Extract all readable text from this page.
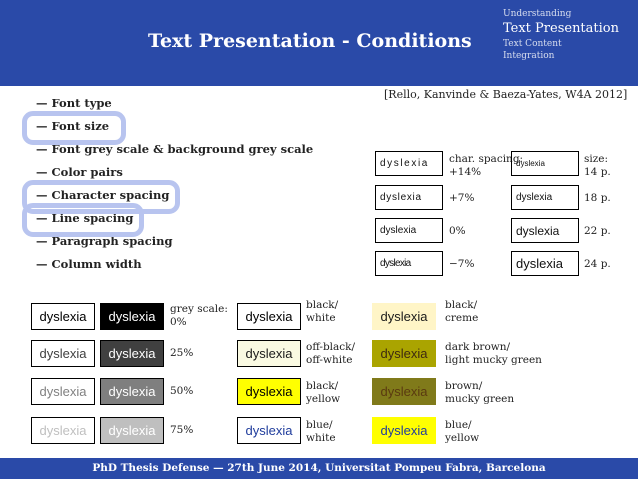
Text Presentation - Conditions
Understanding
Text Presentation
Text Content
Integration
[Rello, Kanvinde & Baeza-Yates, W4A 2012]
— Font type
— Font size
— Font grey scale & background grey scale
— Color pairs
— Character spacing
— Line spacing
— Paragraph spacing
— Column width
dyslexia
dyslexia
dyslexia
dyslexia
char. spacing:
+14%
+7%
0%
−7%
dyslexia
dyslexia
dyslexia
dyslexia
size:
14 p.
18 p.
22 p.
24 p.
dyslexia
dyslexia
dyslexia
dyslexia
dyslexia
dyslexia
dyslexia
dyslexia
grey scale:
0%
25%
50%
75%
dyslexia
dyslexia
dyslexia
dyslexia
black/
white
off-black/
off-white
black/
yellow
blue/
white
dyslexia
dyslexia
dyslexia
dyslexia
black/
creme
dark brown/
light mucky green
brown/
mucky green
blue/
yellow
PhD Thesis Defense — 27th June 2014, Universitat Pompeu Fabra, Barcelona
